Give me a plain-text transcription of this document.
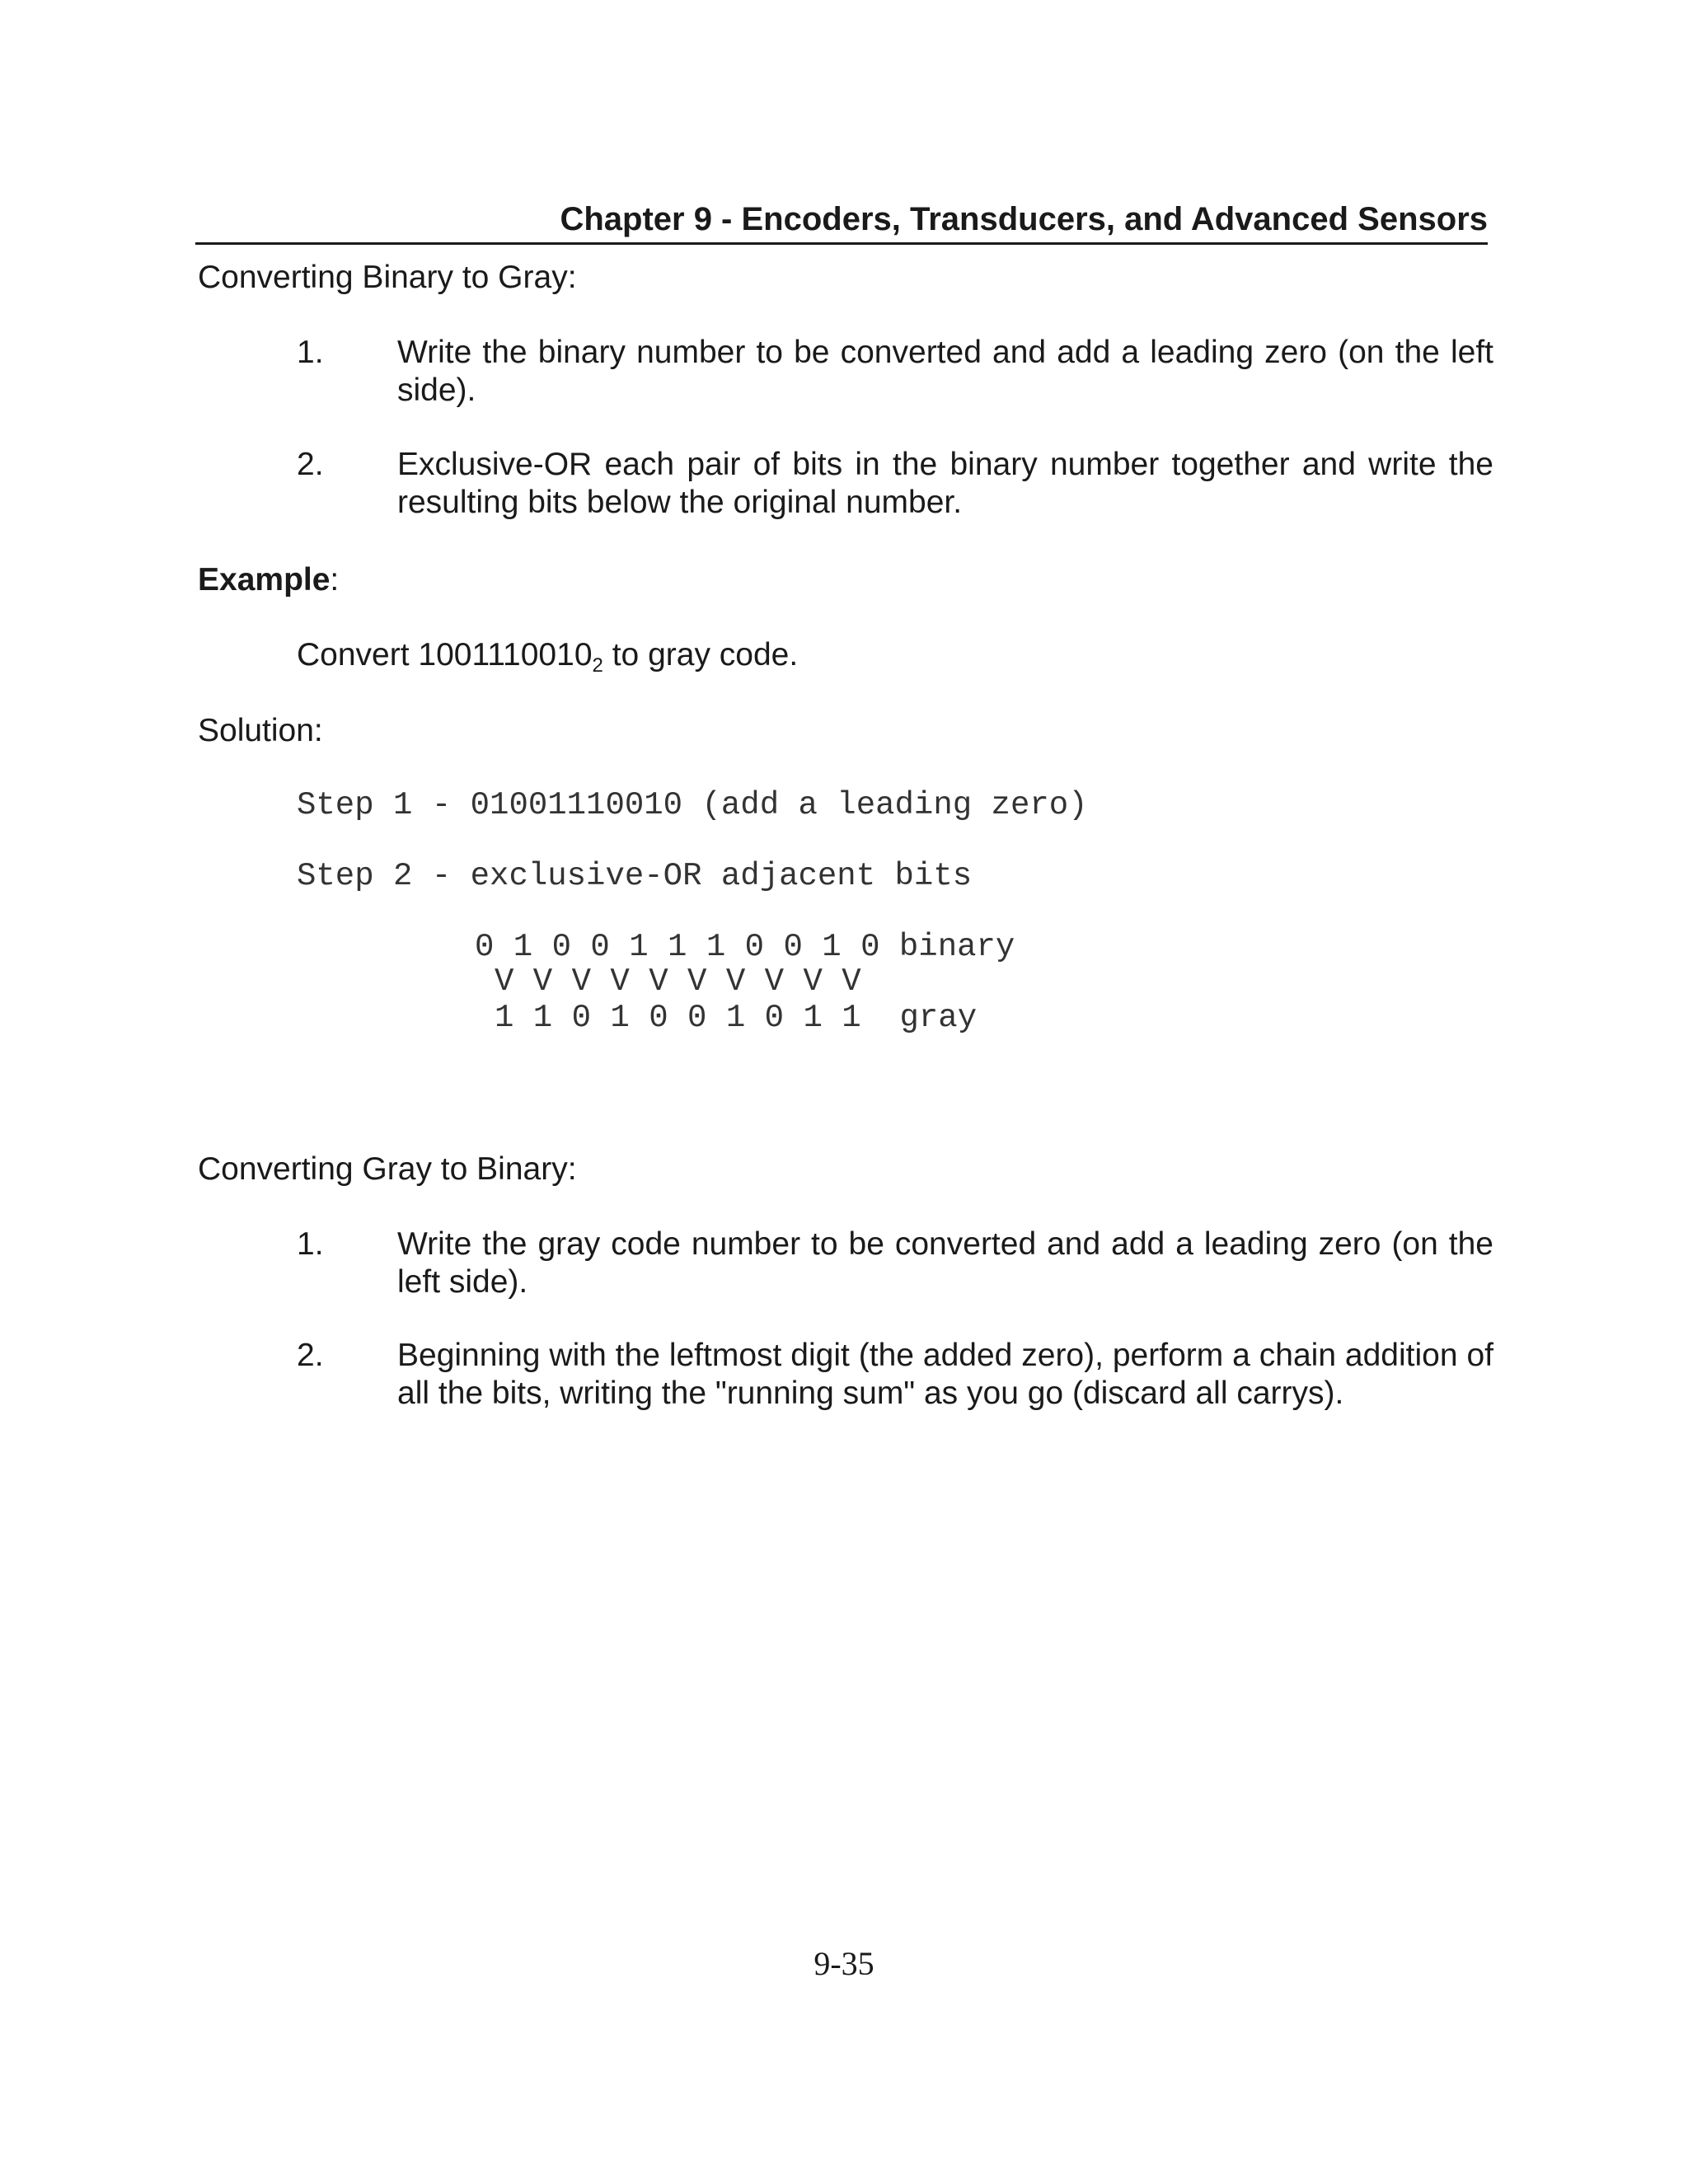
Chapter 9 - Encoders, Transducers, and Advanced Sensors
Converting Binary to Gray:
1. Write the binary number to be converted and add a leading zero (on the left side).
2. Exclusive-OR each pair of bits in the binary number together and write the resulting bits below the original number.
Example:
Convert $1001110010_2$ to gray code.
Solution:
Step 1 - 01001110010 (add a leading zero)
Step 2 - exclusive-OR adjacent bits
0 1 0 0 1 1 1 0 0 1 0 binary
V V V V V V V V V V
1 1 0 1 0 0 1 0 1 1  gray
Converting Gray to Binary:
1. Write the gray code number to be converted and add a leading zero (on the left side).
2. Beginning with the leftmost digit (the added zero), perform a chain addition of all the bits, writing the "running sum" as you go (discard all carrys).
9-35
